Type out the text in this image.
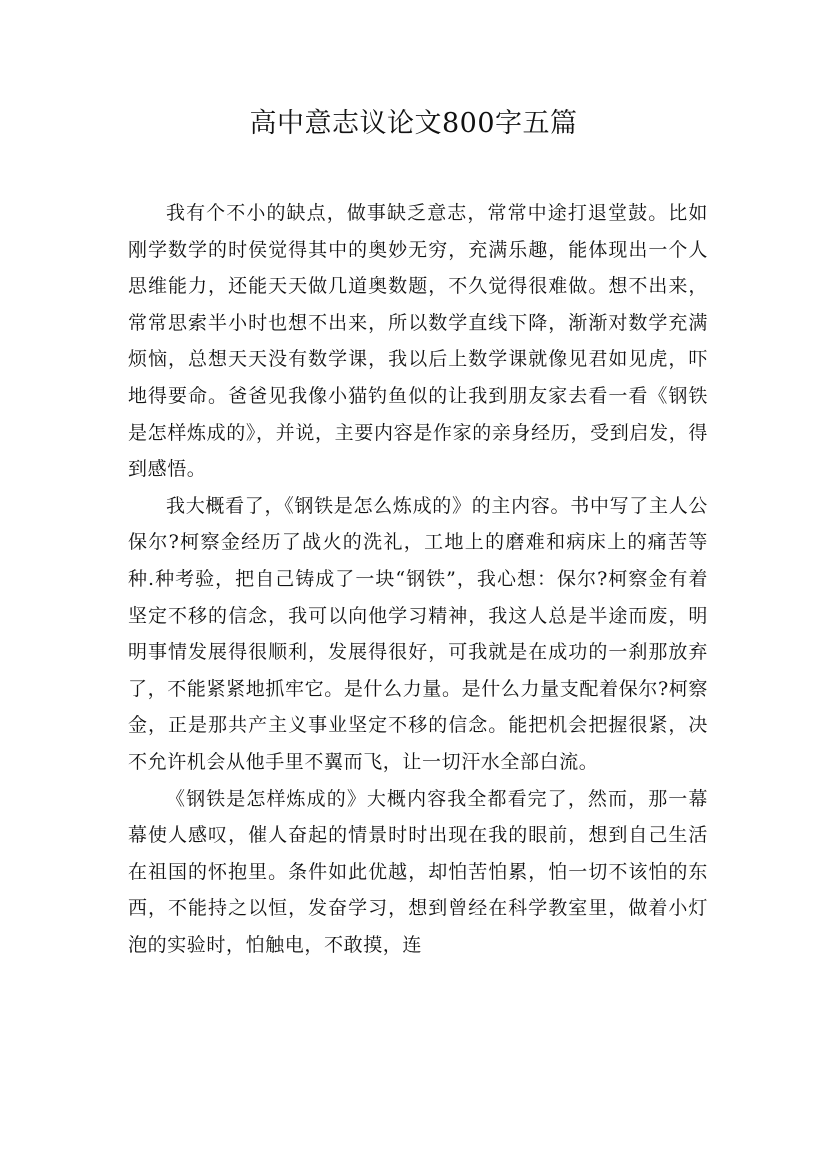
高中意志议论文800字五篇

我有个不小的缺点，做事缺乏意志，常常中途打退堂鼓。比如刚学数学的时侯觉得其中的奥妙无穷，充满乐趣，能体现出一个人思维能力，还能天天做几道奥数题，不久觉得很难做。想不出来，常常思索半小时也想不出来，所以数学直线下降，渐渐对数学充满烦恼，总想天天没有数学课，我以后上数学课就像见君如见虎，吓地得要命。爸爸见我像小猫钓鱼似的让我到朋友家去看一看《钢铁是怎样炼成的》，并说，主要内容是作家的亲身经历，受到启发，得到感悟。

我大概看了，《钢铁是怎么炼成的》的主内容。书中写了主人公保尔?柯察金经历了战火的洗礼，工地上的磨难和病床上的痛苦等种.种考验，把自己铸成了一块“钢铁”，我心想：保尔?柯察金有着坚定不移的信念，我可以向他学习精神，我这人总是半途而废，明明事情发展得很顺利，发展得很好，可我就是在成功的一刹那放弃了，不能紧紧地抓牢它。是什么力量。是什么力量支配着保尔?柯察金，正是那共产主义事业坚定不移的信念。能把机会把握很紧，决不允许机会从他手里不翼而飞，让一切汗水全部白流。

《钢铁是怎样炼成的》大概内容我全都看完了，然而，那一幕幕使人感叹，催人奋起的情景时时出现在我的眼前，想到自己生活在祖国的怀抱里。条件如此优越，却怕苦怕累，怕一切不该怕的东西，不能持之以恒，发奋学习，想到曾经在科学教室里，做着小灯泡的实验时，怕触电，不敢摸，连
